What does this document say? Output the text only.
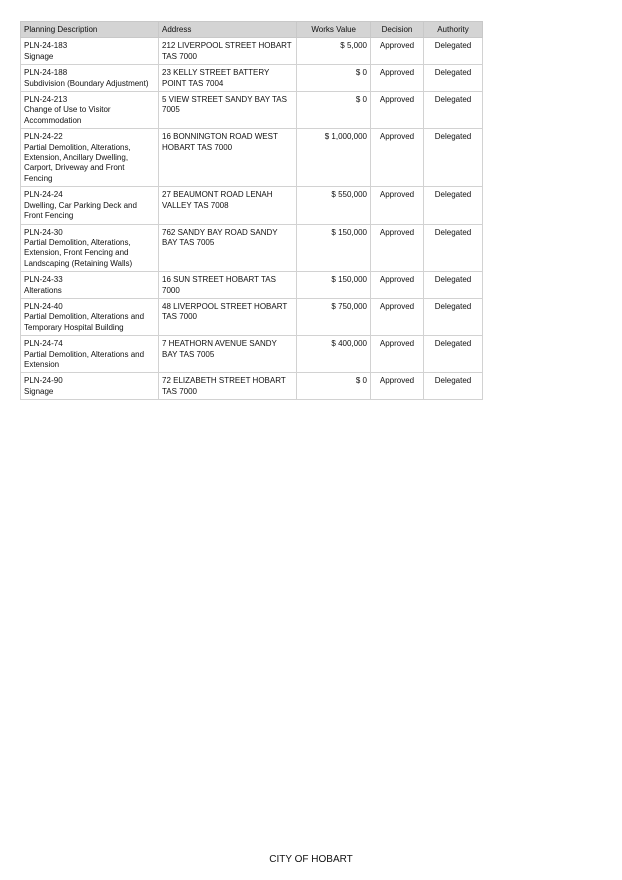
Planning Description	Address	Works Value	Decision	Authority

PLN-24-183
Signage	212 LIVERPOOL STREET HOBART TAS 7000	$ 5,000	Approved	Delegated

PLN-24-188
Subdivision (Boundary Adjustment)	23 KELLY STREET BATTERY POINT TAS 7004	$ 0	Approved	Delegated

PLN-24-213
Change of Use to Visitor Accommodation	5 VIEW STREET SANDY BAY TAS 7005	$ 0	Approved	Delegated

PLN-24-22
Partial Demolition, Alterations, Extension, Ancillary Dwelling, Carport, Driveway and Front Fencing	16 BONNINGTON ROAD WEST HOBART TAS 7000	$ 1,000,000	Approved	Delegated

PLN-24-24
Dwelling, Car Parking Deck and Front Fencing	27 BEAUMONT ROAD LENAH VALLEY TAS 7008	$ 550,000	Approved	Delegated

PLN-24-30
Partial Demolition, Alterations, Extension, Front Fencing and Landscaping (Retaining Walls)	762 SANDY BAY ROAD SANDY BAY TAS 7005	$ 150,000	Approved	Delegated

PLN-24-33
Alterations	16 SUN STREET HOBART TAS 7000	$ 150,000	Approved	Delegated

PLN-24-40
Partial Demolition, Alterations and Temporary Hospital Building	48 LIVERPOOL STREET HOBART TAS 7000	$ 750,000	Approved	Delegated

PLN-24-74
Partial Demolition, Alterations and Extension	7 HEATHORN AVENUE SANDY BAY TAS 7005	$ 400,000	Approved	Delegated

PLN-24-90
Signage	72 ELIZABETH STREET HOBART TAS 7000	$ 0	Approved	Delegated
CITY OF HOBART
